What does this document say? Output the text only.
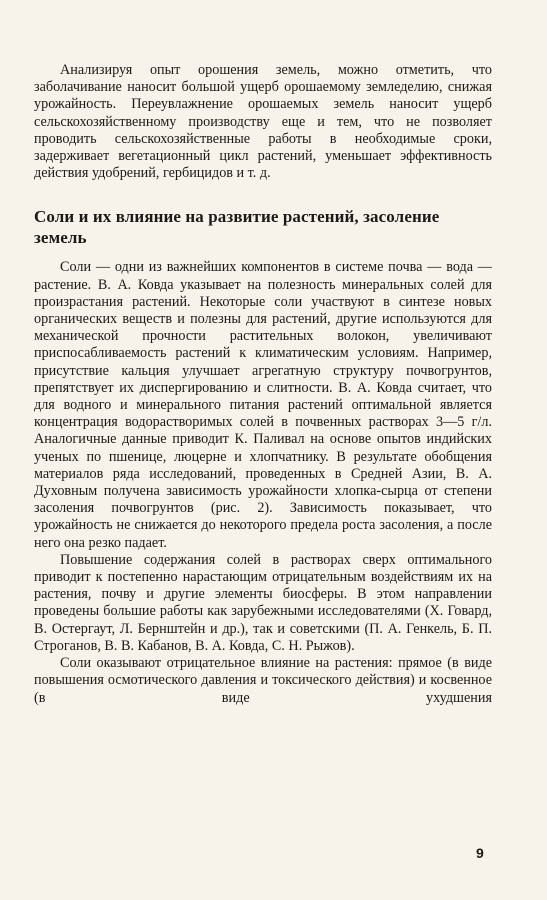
Анализируя опыт орошения земель, можно отметить, что заболачивание наносит большой ущерб орошаемому земледелию, снижая урожайность. Переувлажнение орошаемых земель наносит ущерб сельскохозяйственному производству еще и тем, что не позволяет проводить сельскохозяйственные работы в необходимые сроки, задерживает вегетационный цикл растений, уменьшает эффективность действия удобрений, гербицидов и т. д.

Соли и их влияние на развитие растений, засоление земель

Соли — одни из важнейших компонентов в системе почва — вода — растение. В. А. Ковда указывает на полезность минеральных солей для произрастания растений. Некоторые соли участвуют в синтезе новых органических веществ и полезны для растений, другие используются для механической прочности растительных волокон, увеличивают приспосабливаемость растений к климатическим условиям. Например, присутствие кальция улучшает агрегатную структуру почвогрунтов, препятствует их диспергированию и слитности. В. А. Ковда считает, что для водного и минерального питания растений оптимальной является концентрация водорастворимых солей в почвенных растворах 3—5 г/л. Аналогичные данные приводит К. Паливал на основе опытов индийских ученых по пшенице, люцерне и хлопчатнику. В результате обобщения материалов ряда исследований, проведенных в Средней Азии, В. А. Духовным получена зависимость урожайности хлопка-сырца от степени засоления почвогрунтов (рис. 2). Зависимость показывает, что урожайность не снижается до некоторого предела роста засоления, а после него она резко падает.

Повышение содержания солей в растворах сверх оптимального приводит к постепенно нарастающим отрицательным воздействиям их на растения, почву и другие элементы биосферы. В этом направлении проведены большие работы как зарубежными исследователями (Х. Говард, В. Остергаут, Л. Бернштейн и др.), так и советскими (П. А. Генкель, Б. П. Строганов, В. В. Кабанов, В. А. Ковда, С. Н. Рыжов).

Соли оказывают отрицательное влияние на растения: прямое (в виде повышения осмотического давления и токсического действия) и косвенное (в виде ухудшения

9
